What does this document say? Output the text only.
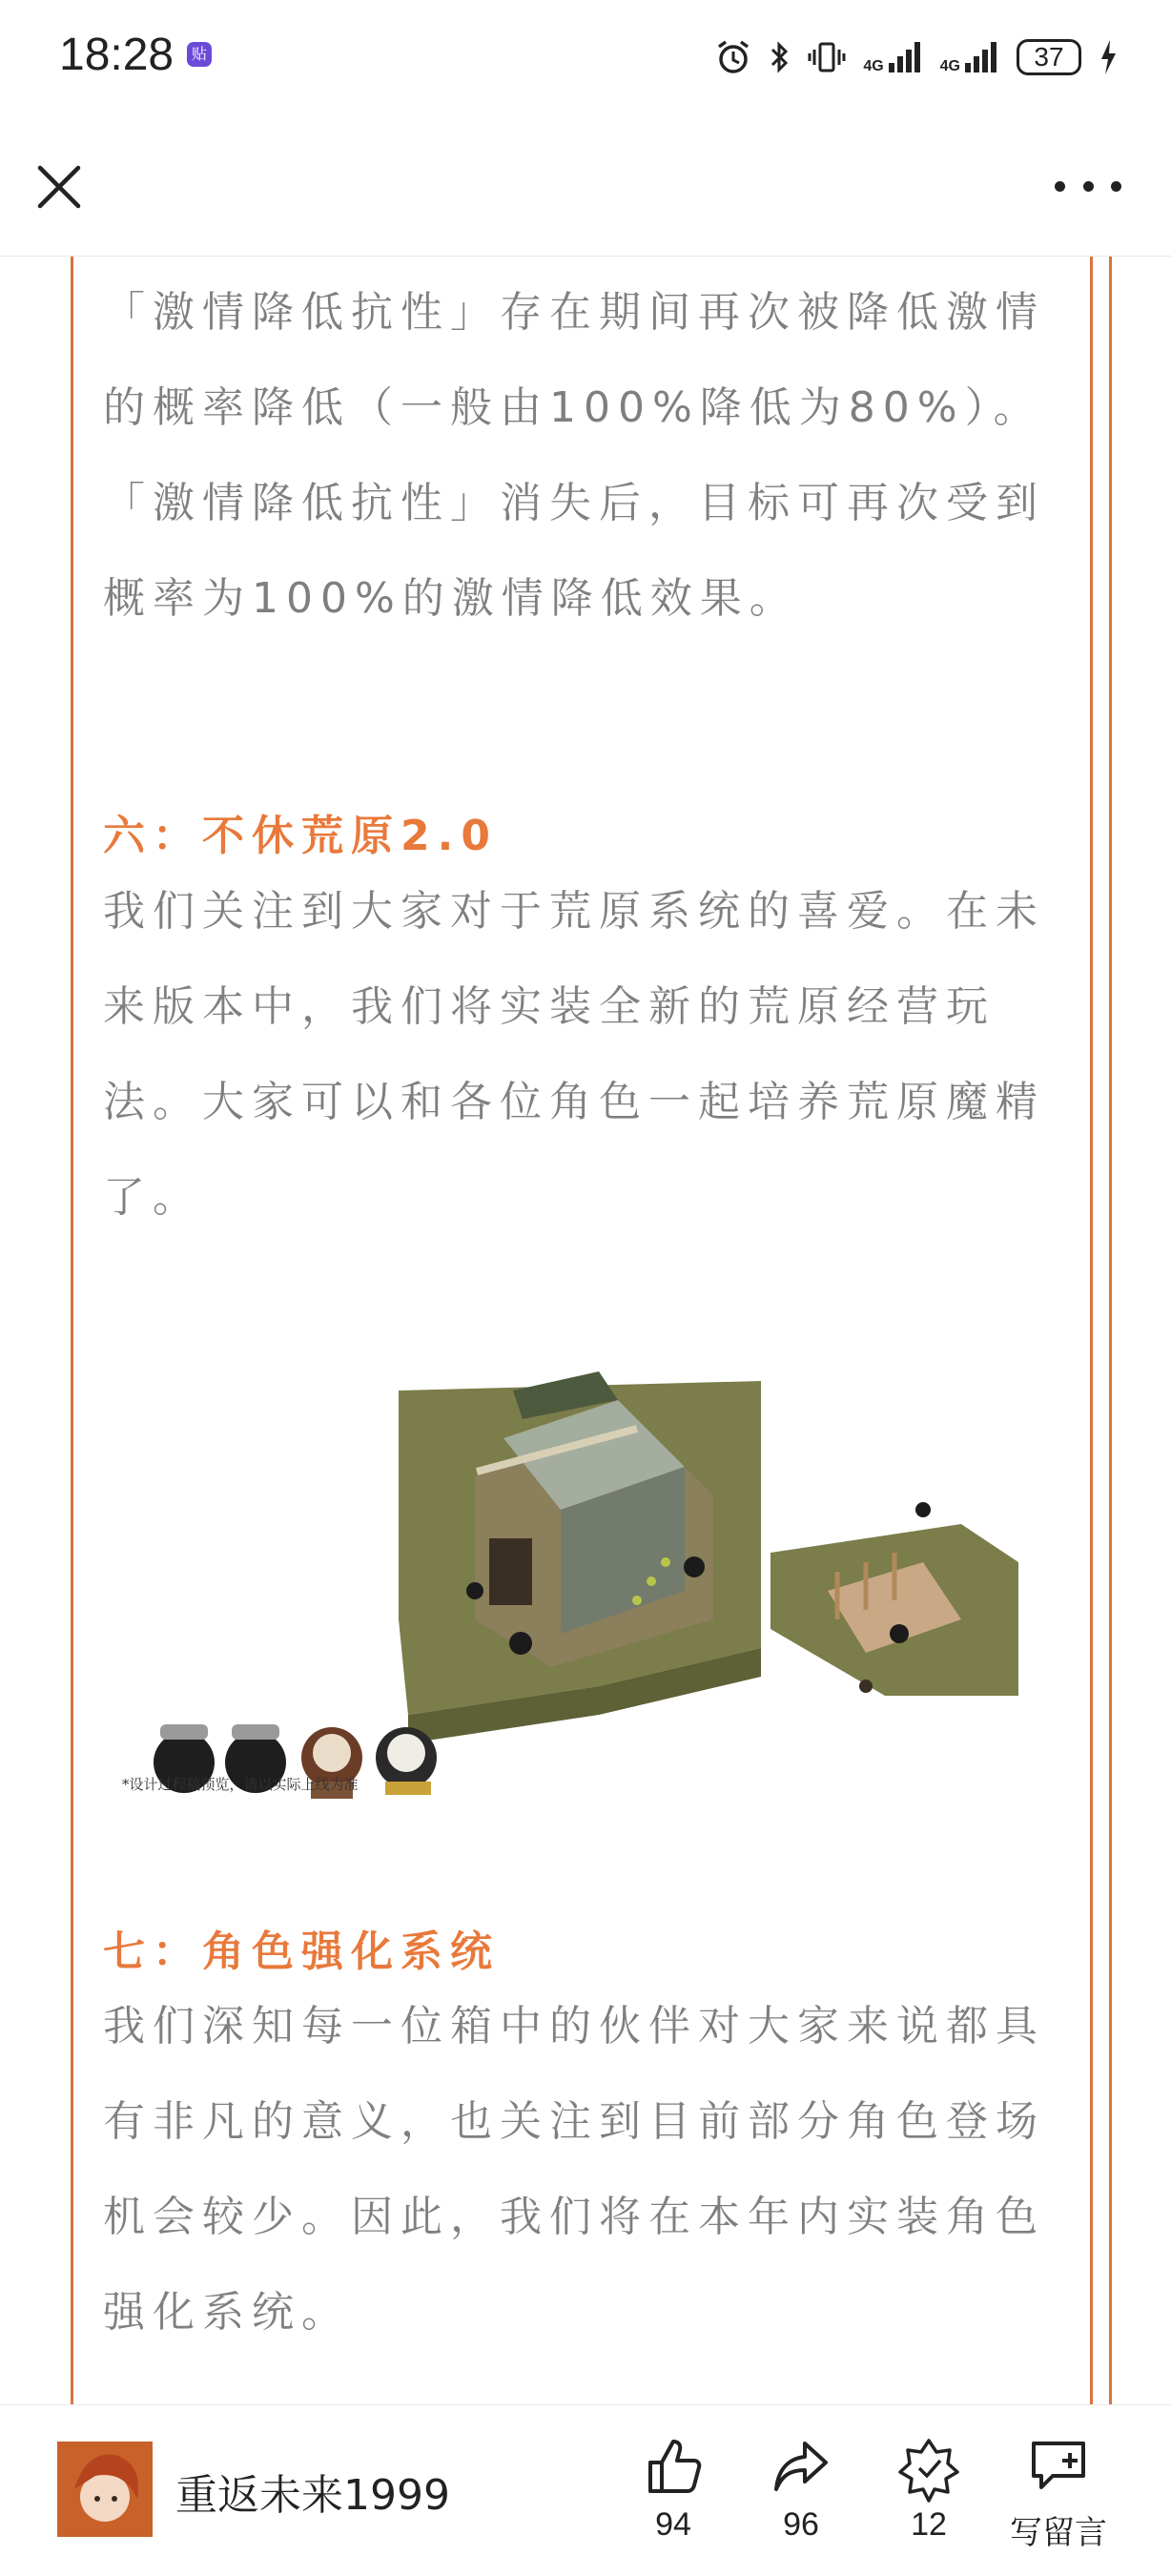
18:28	贴
4G	4G	37
「激情降低抗性」存在期间再次被降低激情
的概率降低（一般由100%降低为80%）。
「激情降低抗性」消失后，目标可再次受到
概率为100%的激情降低效果。
六：不休荒原2.0
我们关注到大家对于荒原系统的喜爱。在未
来版本中，我们将实装全新的荒原经营玩
法。大家可以和各位角色一起培养荒原魔精
了。
*设计过程稿预览，请以实际上线为准
七：角色强化系统
我们深知每一位箱中的伙伴对大家来说都具
有非凡的意义，也关注到目前部分角色登场
机会较少。因此，我们将在本年内实装角色
强化系统。
重返未来1999
94	96	12	写留言
